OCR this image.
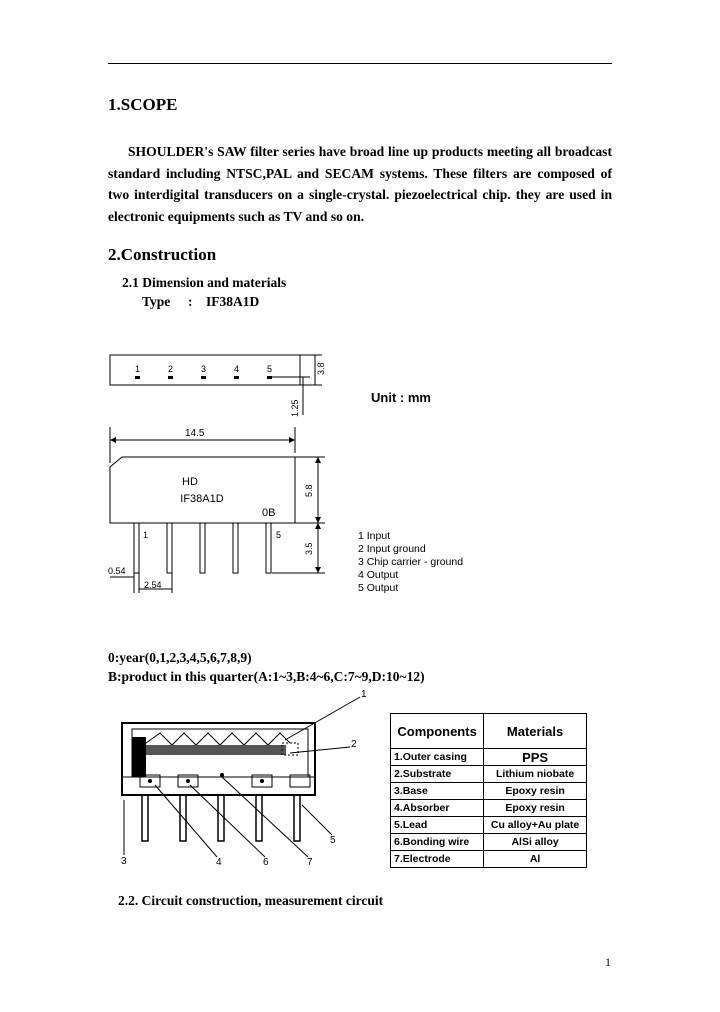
1.SCOPE
SHOULDER's SAW filter series have broad line up products meeting all broadcast standard including NTSC,PAL and SECAM systems. These filters are composed of two interdigital transducers on a single-crystal. piezoelectrical chip. they are used in electronic equipments such as TV and so on.
2.Construction
2.1 Dimension and materials
Type : IF38A1D
1	2	3	4	5	3.8
1.25
14.5
HD
IF38A1D
0B
5.8
3.5
1	5
0.54
2.54
Unit : mm
1 Input
2 Input ground
3 Chip carrier - ground
4 Output
5 Output
0:year(0,1,2,3,4,5,6,7,8,9)
B:product in this quarter(A:1~3,B:4~6,C:7~9,D:10~12)
1
2
3	4	6	7
5
Components	Materials
1.Outer casing	PPS
2.Substrate	Lithium niobate
3.Base	Epoxy resin
4.Absorber	Epoxy resin
5.Lead	Cu alloy+Au plate
6.Bonding wire	AlSi alloy
7.Electrode	Al
2.2. Circuit construction, measurement circuit
1
